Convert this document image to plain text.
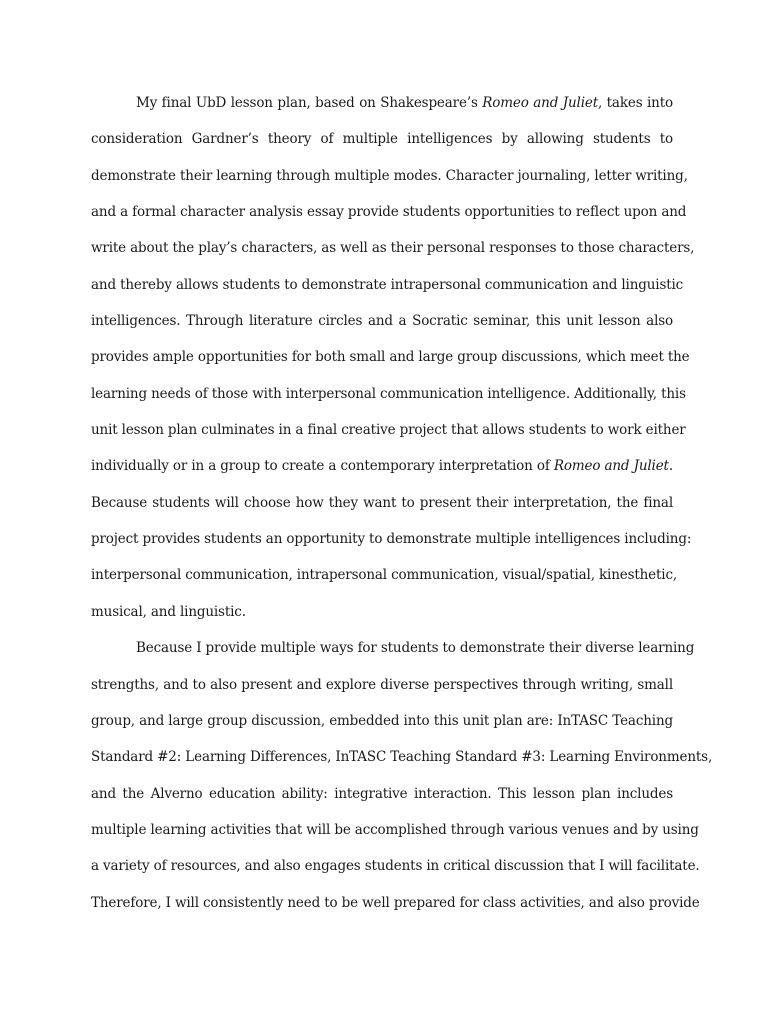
My final UbD lesson plan, based on Shakespeare’s Romeo and Juliet, takes into
consideration Gardner’s theory of multiple intelligences by allowing students to
demonstrate their learning through multiple modes. Character journaling, letter writing,
and a formal character analysis essay provide students opportunities to reflect upon and
write about the play’s characters, as well as their personal responses to those characters,
and thereby allows students to demonstrate intrapersonal communication and linguistic
intelligences. Through literature circles and a Socratic seminar, this unit lesson also
provides ample opportunities for both small and large group discussions, which meet the
learning needs of those with interpersonal communication intelligence. Additionally, this
unit lesson plan culminates in a final creative project that allows students to work either
individually or in a group to create a contemporary interpretation of Romeo and Juliet.
Because students will choose how they want to present their interpretation, the final
project provides students an opportunity to demonstrate multiple intelligences including:
interpersonal communication, intrapersonal communication, visual/spatial, kinesthetic,
musical, and linguistic.
Because I provide multiple ways for students to demonstrate their diverse learning
strengths, and to also present and explore diverse perspectives through writing, small
group, and large group discussion, embedded into this unit plan are: InTASC Teaching
Standard #2: Learning Differences, InTASC Teaching Standard #3: Learning Environments,
and the Alverno education ability: integrative interaction. This lesson plan includes
multiple learning activities that will be accomplished through various venues and by using
a variety of resources, and also engages students in critical discussion that I will facilitate.
Therefore, I will consistently need to be well prepared for class activities, and also provide
